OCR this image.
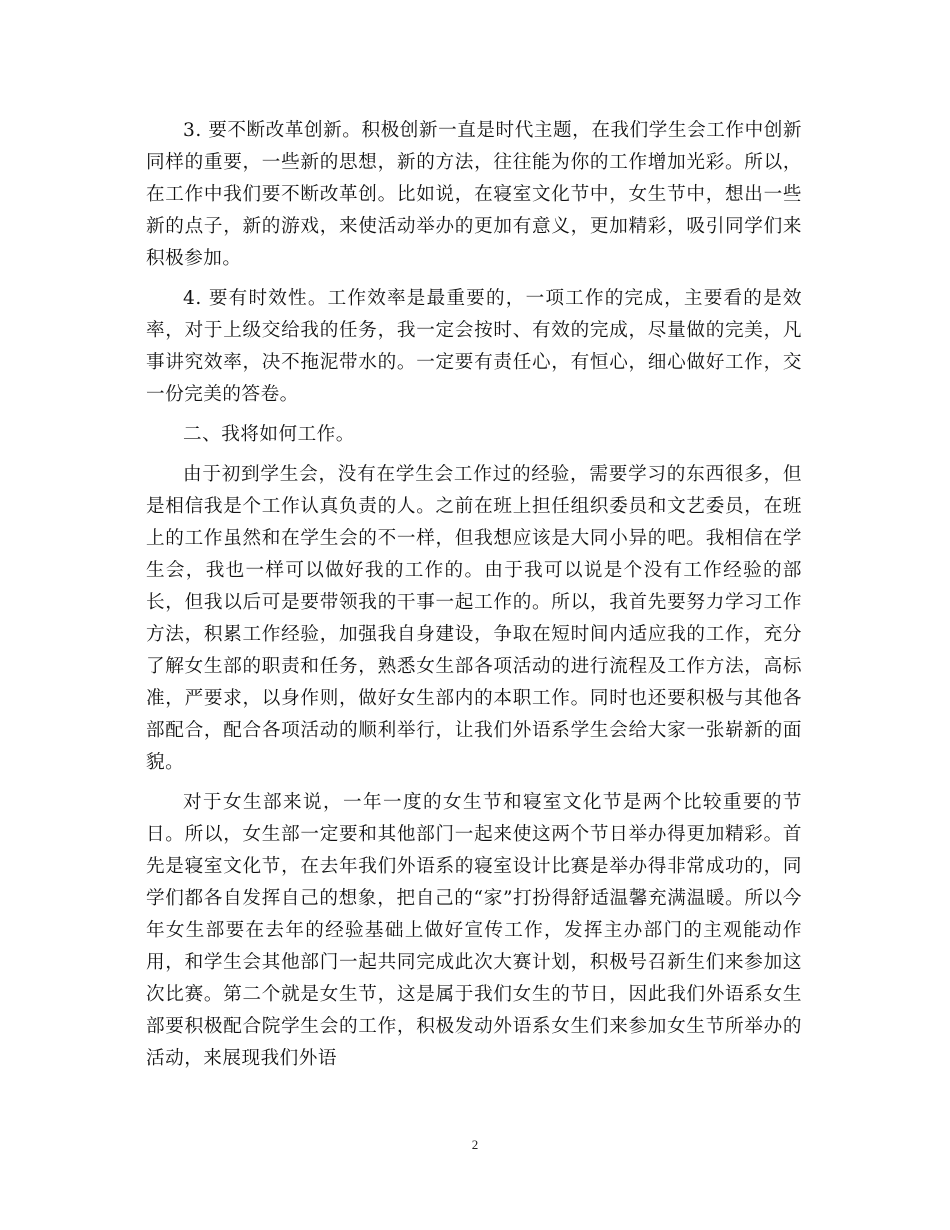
3. 要不断改革创新。积极创新一直是时代主题，在我们学生会工作中创新同样的重要，一些新的思想，新的方法，往往能为你的工作增加光彩。所以，在工作中我们要不断改革创。比如说，在寝室文化节中，女生节中，想出一些新的点子，新的游戏，来使活动举办的更加有意义，更加精彩，吸引同学们来积极参加。

4. 要有时效性。工作效率是最重要的，一项工作的完成，主要看的是效率，对于上级交给我的任务，我一定会按时、有效的完成，尽量做的完美，凡事讲究效率，决不拖泥带水的。一定要有责任心，有恒心，细心做好工作，交一份完美的答卷。

二、我将如何工作。

由于初到学生会，没有在学生会工作过的经验，需要学习的东西很多，但是相信我是个工作认真负责的人。之前在班上担任组织委员和文艺委员，在班上的工作虽然和在学生会的不一样，但我想应该是大同小异的吧。我相信在学生会，我也一样可以做好我的工作的。由于我可以说是个没有工作经验的部长，但我以后可是要带领我的干事一起工作的。所以，我首先要努力学习工作方法，积累工作经验，加强我自身建设，争取在短时间内适应我的工作，充分了解女生部的职责和任务，熟悉女生部各项活动的进行流程及工作方法，高标准，严要求，以身作则，做好女生部内的本职工作。同时也还要积极与其他各部配合，配合各项活动的顺利举行，让我们外语系学生会给大家一张崭新的面貌。

对于女生部来说，一年一度的女生节和寝室文化节是两个比较重要的节日。所以，女生部一定要和其他部门一起来使这两个节日举办得更加精彩。首先是寝室文化节，在去年我们外语系的寝室设计比赛是举办得非常成功的，同学们都各自发挥自己的想象，把自己的“家”打扮得舒适温馨充满温暖。所以今年女生部要在去年的经验基础上做好宣传工作，发挥主办部门的主观能动作用，和学生会其他部门一起共同完成此次大赛计划，积极号召新生们来参加这次比赛。第二个就是女生节，这是属于我们女生的节日，因此我们外语系女生部要积极配合院学生会的工作，积极发动外语系女生们来参加女生节所举办的活动，来展现我们外语

2
